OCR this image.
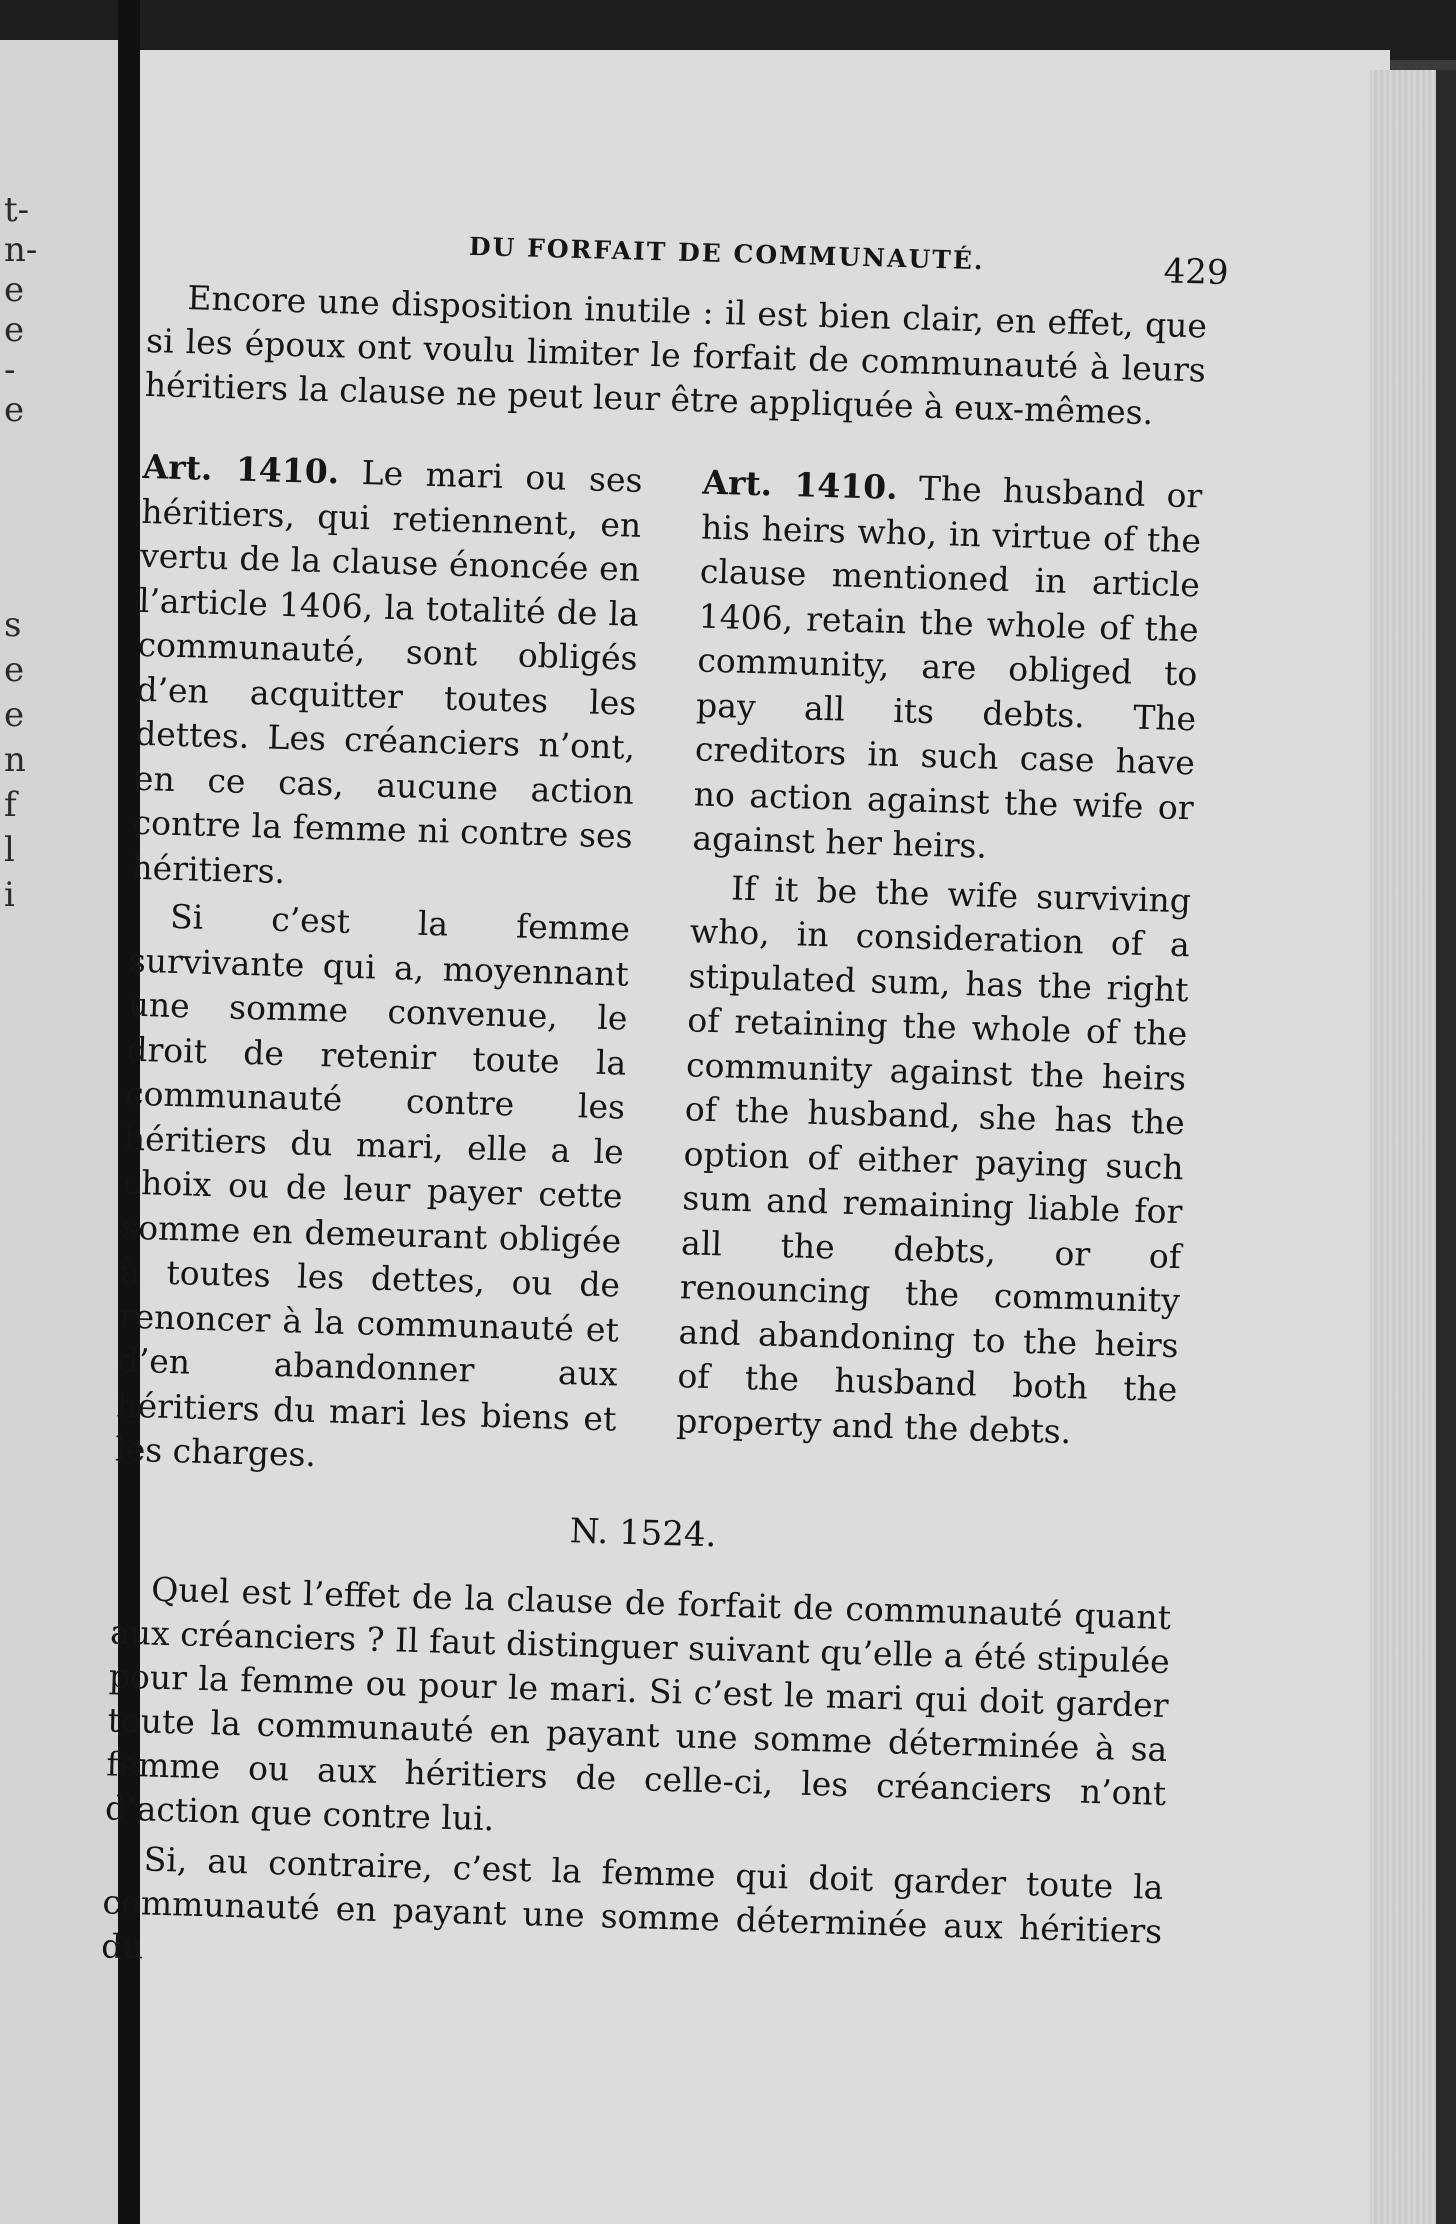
t-
n-
e
e
-
e
s
e
e
n
f
l
i
DU FORFAIT DE COMMUNAUTÉ.	429

Encore une disposition inutile : il est bien clair, en effet, que si les époux ont voulu limiter le forfait de communauté à leurs héritiers la clause ne peut leur être appliquée à eux-mêmes.

Art. 1410. Le mari ou ses héritiers, qui retiennent, en vertu de la clause énoncée en l’article 1406, la totalité de la communauté, sont obligés d’en acquitter toutes les dettes. Les créanciers n’ont, en ce cas, aucune action contre la femme ni contre ses héritiers.

Si c’est la femme survivante qui a, moyennant une somme convenue, le droit de retenir toute la communauté contre les héritiers du mari, elle a le choix ou de leur payer cette somme en demeurant obligée à toutes les dettes, ou de renoncer à la communauté et d’en abandonner aux héritiers du mari les biens et les charges.

Art. 1410. The husband or his heirs who, in virtue of the clause mentioned in article 1406, retain the whole of the community, are obliged to pay all its debts. The creditors in such case have no action against the wife or against her heirs.

If it be the wife surviving who, in consideration of a stipulated sum, has the right of retaining the whole of the community against the heirs of the husband, she has the option of either paying such sum and remaining liable for all the debts, or of renouncing the community and abandoning to the heirs of the husband both the property and the debts.

N. 1524.

Quel est l’effet de la clause de forfait de communauté quant aux créanciers ? Il faut distinguer suivant qu’elle a été stipulée pour la femme ou pour le mari. Si c’est le mari qui doit garder toute la communauté en payant une somme déterminée à sa femme ou aux héritiers de celle-ci, les créanciers n’ont d’action que contre lui.

Si, au contraire, c’est la femme qui doit garder toute la communauté en payant une somme déterminée aux héritiers du
